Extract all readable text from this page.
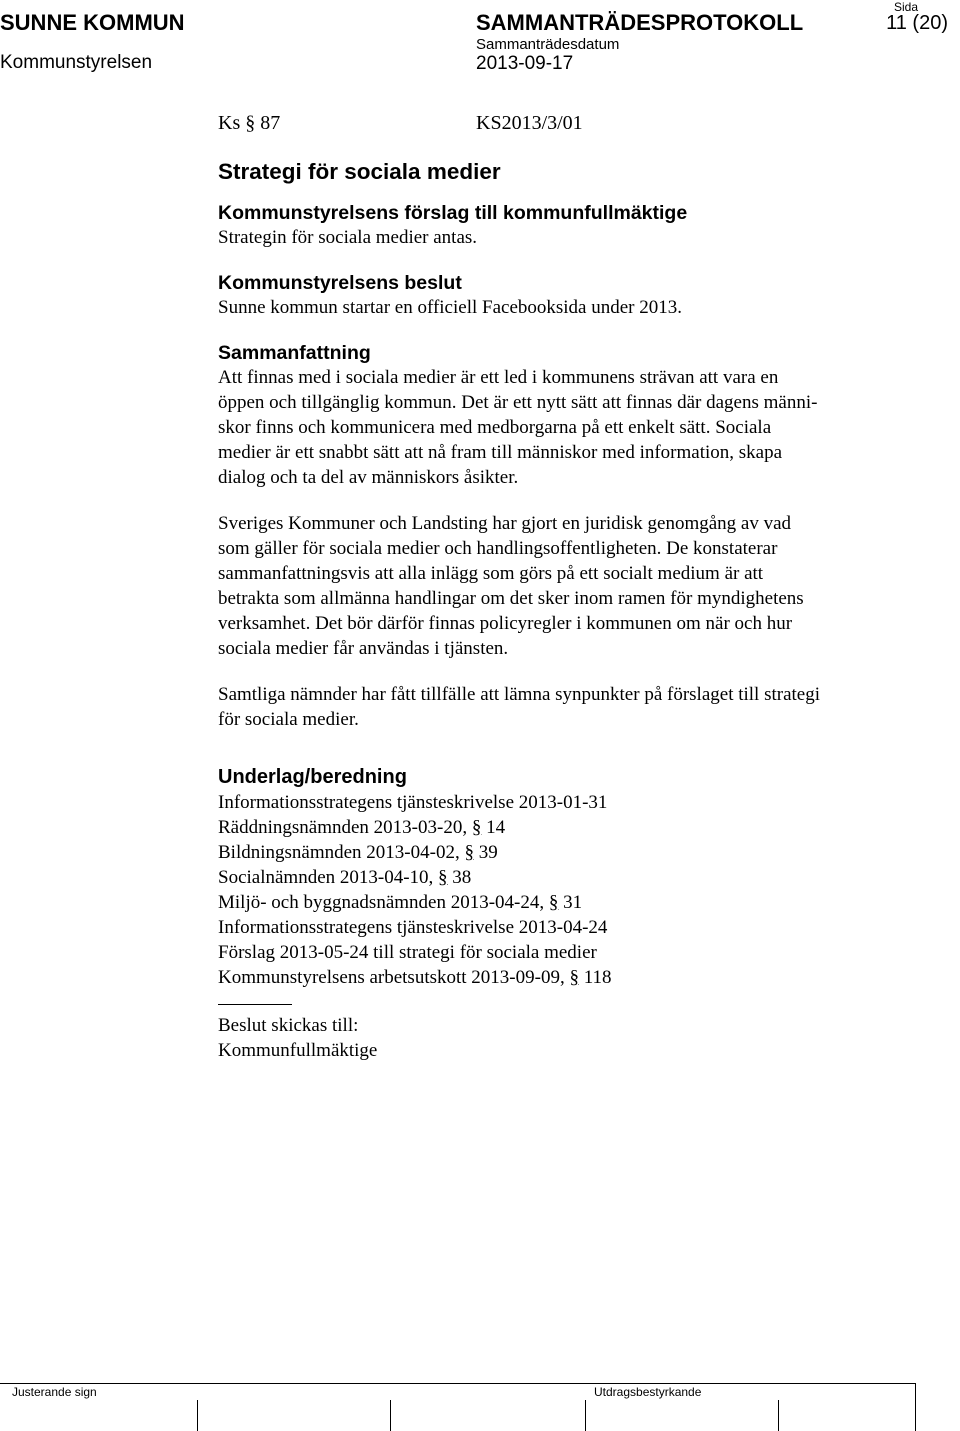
SUNNE KOMMUN
Kommunstyrelsen
SAMMANTRÄDESPROTOKOLL
Sammanträdesdatum
2013-09-17
Sida
11 (20)
Ks § 87	KS2013/3/01
Strategi för sociala medier

Kommunstyrelsens förslag till kommunfullmäktige

Strategin för sociala medier antas.

Kommunstyrelsens beslut

Sunne kommun startar en officiell Facebooksida under 2013.

Sammanfattning

Att finnas med i sociala medier är ett led i kommunens strävan att vara en

öppen och tillgänglig kommun. Det är ett nytt sätt att finnas där dagens männi-

skor finns och kommunicera med medborgarna på ett enkelt sätt. Sociala

medier är ett snabbt sätt att nå fram till människor med information, skapa

dialog och ta del av människors åsikter.

Sveriges Kommuner och Landsting har gjort en juridisk genomgång av vad

som gäller för sociala medier och handlingsoffentligheten. De konstaterar

sammanfattningsvis att alla inlägg som görs på ett socialt medium är att

betrakta som allmänna handlingar om det sker inom ramen för myndighetens

verksamhet. Det bör därför finnas policyregler i kommunen om när och hur

sociala medier får användas i tjänsten.

Samtliga nämnder har fått tillfälle att lämna synpunkter på förslaget till strategi

för sociala medier.

Underlag/beredning

Informationsstrategens tjänsteskrivelse 2013-01-31
Räddningsnämnden 2013-03-20, § 14
Bildningsnämnden 2013-04-02, § 39
Socialnämnden 2013-04-10, § 38
Miljö- och byggnadsnämnden 2013-04-24, § 31
Informationsstrategens tjänsteskrivelse 2013-04-24
Förslag 2013-05-24 till strategi för sociala medier
Kommunstyrelsens arbetsutskott 2013-09-09, § 118

Beslut skickas till:

Kommunfullmäktige

Justerande sign	Utdragsbestyrkande
